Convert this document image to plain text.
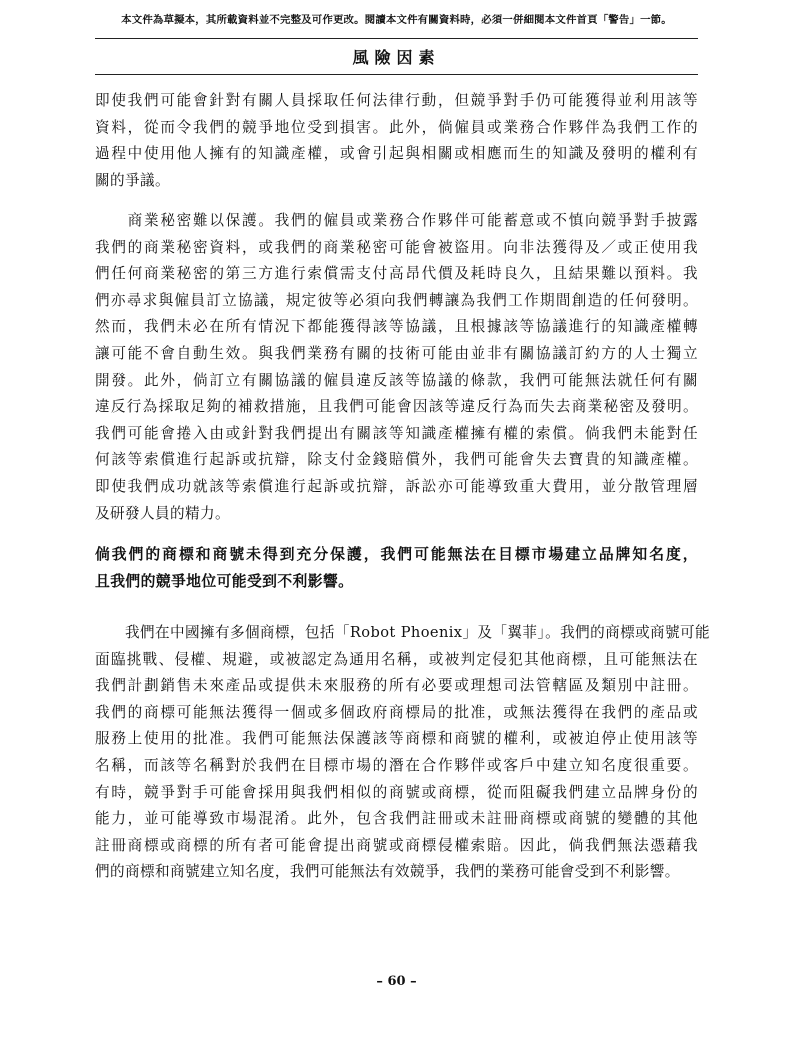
本文件為草擬本，其所載資料並不完整及可作更改。閱讀本文件有關資料時，必須一併細閱本文件首頁「警告」一節。
風險因素
即使我們可能會針對有關人員採取任何法律行動，但競爭對手仍可能獲得並利用該等
資料，從而令我們的競爭地位受到損害。此外，倘僱員或業務合作夥伴為我們工作的
過程中使用他人擁有的知識產權，或會引起與相關或相應而生的知識及發明的權利有
關的爭議。
　　商業秘密難以保護。我們的僱員或業務合作夥伴可能蓄意或不慎向競爭對手披露
我們的商業秘密資料，或我們的商業秘密可能會被盜用。向非法獲得及／或正使用我
們任何商業秘密的第三方進行索償需支付高昂代價及耗時良久，且結果難以預料。我
們亦尋求與僱員訂立協議，規定彼等必須向我們轉讓為我們工作期間創造的任何發明。
然而，我們未必在所有情況下都能獲得該等協議，且根據該等協議進行的知識產權轉
讓可能不會自動生效。與我們業務有關的技術可能由並非有關協議訂約方的人士獨立
開發。此外，倘訂立有關協議的僱員違反該等協議的條款，我們可能無法就任何有關
違反行為採取足夠的補救措施，且我們可能會因該等違反行為而失去商業秘密及發明。
我們可能會捲入由或針對我們提出有關該等知識產權擁有權的索償。倘我們未能對任
何該等索償進行起訴或抗辯，除支付金錢賠償外，我們可能會失去寶貴的知識產權。
即使我們成功就該等索償進行起訴或抗辯，訴訟亦可能導致重大費用，並分散管理層
及研發人員的精力。
倘我們的商標和商號未得到充分保護，我們可能無法在目標市場建立品牌知名度，
且我們的競爭地位可能受到不利影響。
　　我們在中國擁有多個商標，包括「Robot Phoenix」及「翼菲」。我們的商標或商號可能
面臨挑戰、侵權、規避，或被認定為通用名稱，或被判定侵犯其他商標，且可能無法在
我們計劃銷售未來產品或提供未來服務的所有必要或理想司法管轄區及類別中註冊。
我們的商標可能無法獲得一個或多個政府商標局的批准，或無法獲得在我們的產品或
服務上使用的批准。我們可能無法保護該等商標和商號的權利，或被迫停止使用該等
名稱，而該等名稱對於我們在目標市場的潛在合作夥伴或客戶中建立知名度很重要。
有時，競爭對手可能會採用與我們相似的商號或商標，從而阻礙我們建立品牌身份的
能力，並可能導致市場混淆。此外，包含我們註冊或未註冊商標或商號的變體的其他
註冊商標或商標的所有者可能會提出商號或商標侵權索賠。因此，倘我們無法憑藉我
們的商標和商號建立知名度，我們可能無法有效競爭，我們的業務可能會受到不利影響。
– 60 –
